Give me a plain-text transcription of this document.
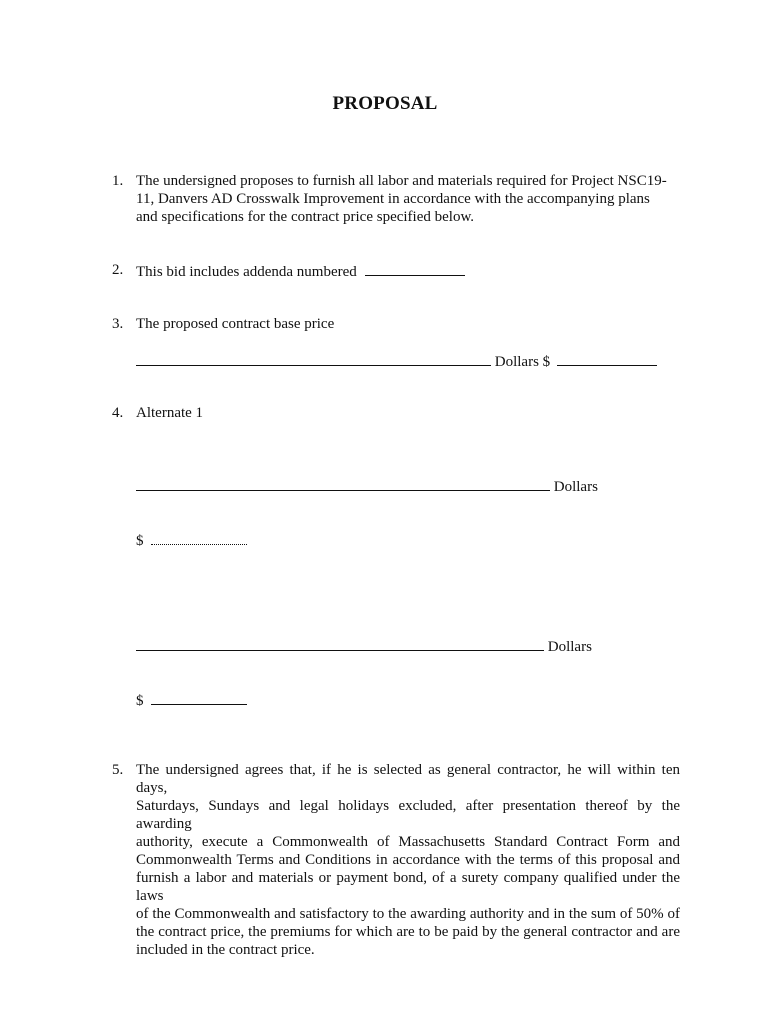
PROPOSAL
1. The undersigned proposes to furnish all labor and materials required for Project NSC19-
11, Danvers AD Crosswalk Improvement in accordance with the accompanying plans
and specifications for the contract price specified below.
2. This bid includes addenda numbered
3. The proposed contract base price
Dollars $
4. Alternate 1
Dollars
$
Dollars
$
5. The undersigned agrees that, if he is selected as general contractor, he will within ten days,
Saturdays, Sundays and legal holidays excluded, after presentation thereof by the awarding
authority, execute a Commonwealth of Massachusetts Standard Contract Form and
Commonwealth Terms and Conditions in accordance with the terms of this proposal and
furnish a labor and materials or payment bond, of a surety company qualified under the laws
of the Commonwealth and satisfactory to the awarding authority and in the sum of 50% of
the contract price, the premiums for which are to be paid by the general contractor and are
included in the contract price.
